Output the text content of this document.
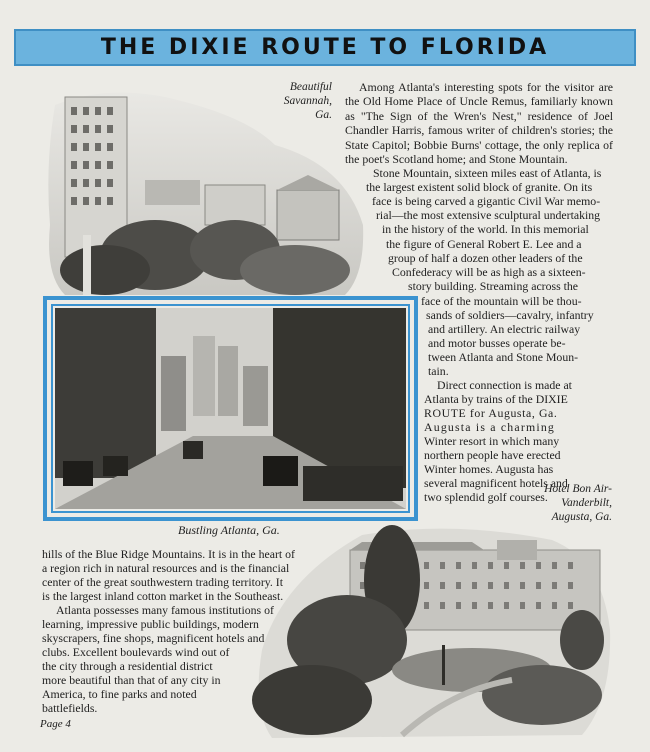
THE DIXIE ROUTE TO FLORIDA
Beautiful
Savannah,
Ga.
Bustling Atlanta, Ga.

Among Atlanta's interesting spots for the visitor are the Old Home Place of Uncle Remus, familiarly known as "The Sign of the Wren's Nest," residence of Joel Chandler Harris, famous writer of children's stories; the State Capitol; Bobbie Burns' cottage, the only replica of the poet's Scotland home; and Stone Mountain.

Stone Mountain, sixteen miles east of Atlanta, is
the largest existent solid block of granite. On its
face is being carved a gigantic Civil War memo-
rial—the most extensive sculptural undertaking
in the history of the world. In this memorial
the figure of General Robert E. Lee and a
group of half a dozen other leaders of the
Confederacy will be as high as a sixteen-
story building. Streaming across the
face of the mountain will be thou-
sands of soldiers—cavalry, infantry
and artillery. An electric railway
and motor busses operate be-
tween Atlanta and Stone Moun-
tain.
Direct connection is made at
Atlanta by trains of the DIXIE
ROUTE for Augusta, Ga.
Augusta is a charming
Winter resort in which many
northern people have erected
Winter homes. Augusta has
several magnificent hotels and
two splendid golf courses.
Hotel Bon Air-
Vanderbilt,
Augusta, Ga.
hills of the Blue Ridge Mountains. It is in the heart of
a region rich in natural resources and is the financial
center of the great southwestern trading territory. It
is the largest inland cotton market in the Southeast.
Atlanta possesses many famous institutions of
learning, impressive public buildings, modern
skyscrapers, fine shops, magnificent hotels and
clubs. Excellent boulevards wind out of
the city through a residential district
more beautiful than that of any city in
America, to fine parks and noted
battlefields.
Page 4
